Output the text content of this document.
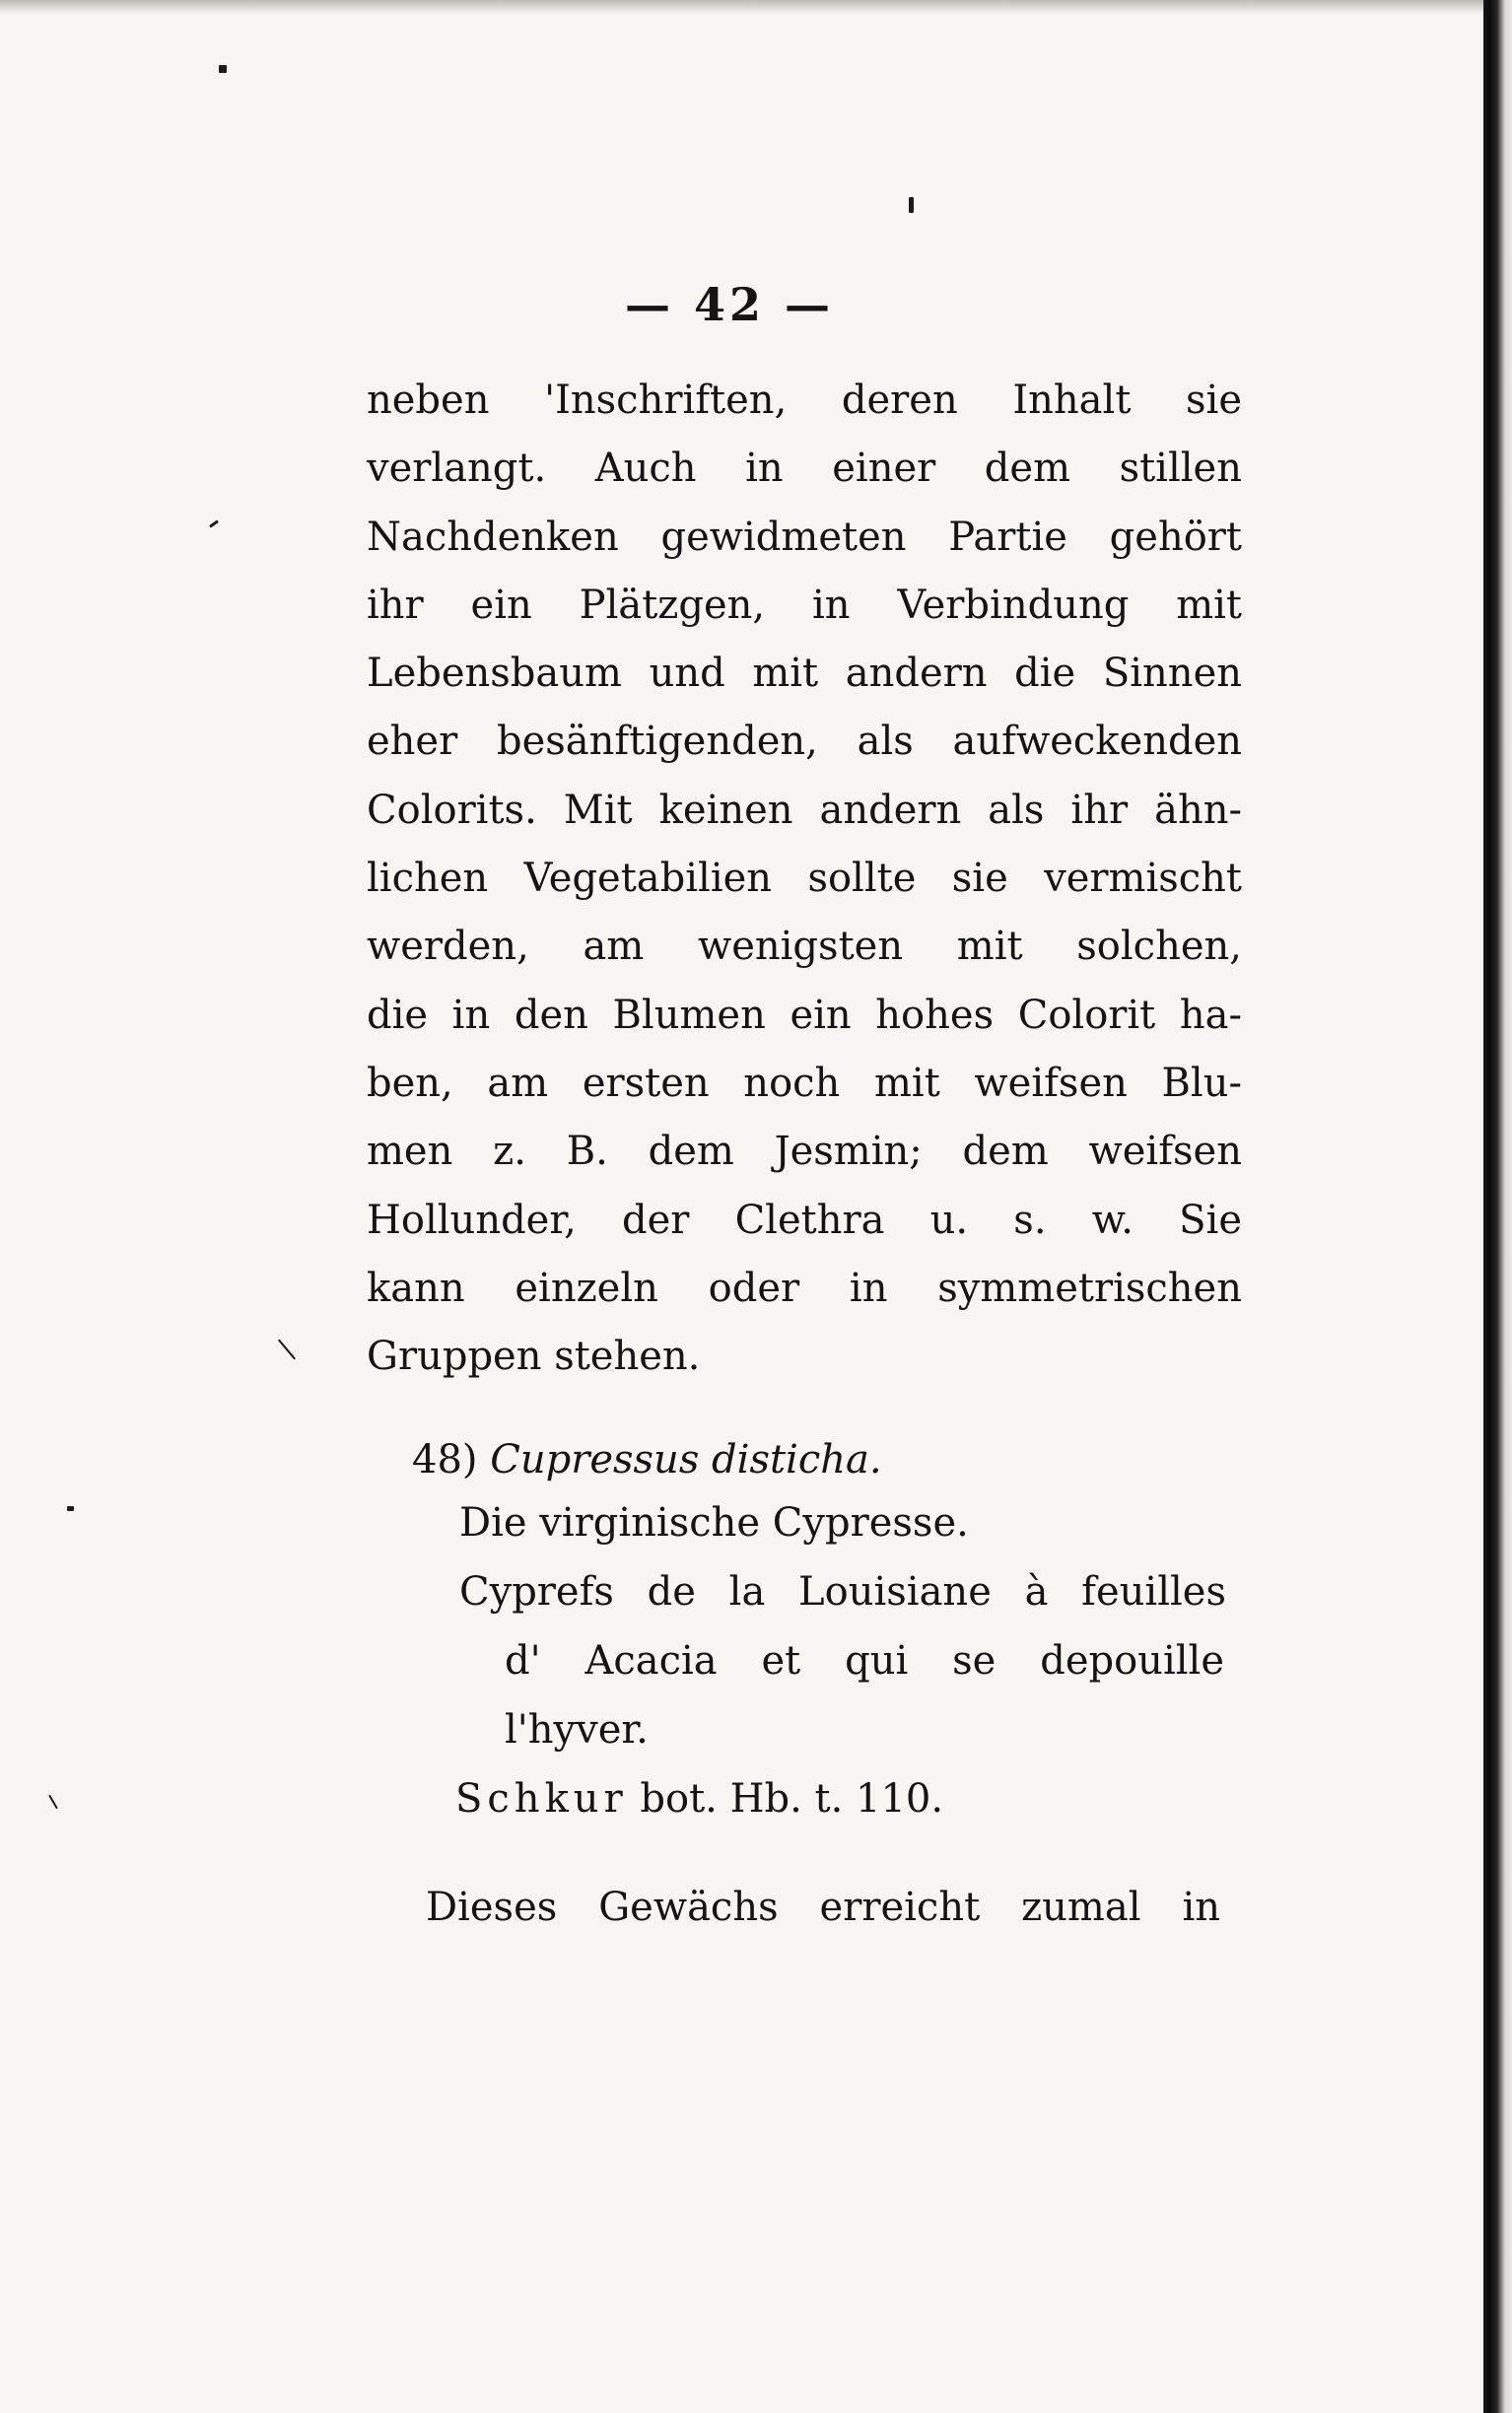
— 42 —
neben 'Inschriften, deren Inhalt sie
verlangt. Auch in einer dem stillen
Nachdenken gewidmeten Partie gehört
ihr ein Plätzgen, in Verbindung mit
Lebensbaum und mit andern die Sinnen
eher besänftigenden, als aufweckenden
Colorits. Mit keinen andern als ihr ähn-
lichen Vegetabilien sollte sie vermischt
werden, am wenigsten mit solchen,
die in den Blumen ein hohes Colorit ha-
ben, am ersten noch mit weifsen Blu-
men z. B. dem Jesmin; dem weifsen
Hollunder, der Clethra u. s. w. Sie
kann einzeln oder in symmetrischen
Gruppen stehen.
48) Cupressus disticha.
Die virginische Cypresse.
Cyprefs de la Louisiane à feuilles
d' Acacia et qui se depouille
l'hyver.
Schkur bot. Hb. t. 110.
Dieses Gewächs erreicht zumal in
